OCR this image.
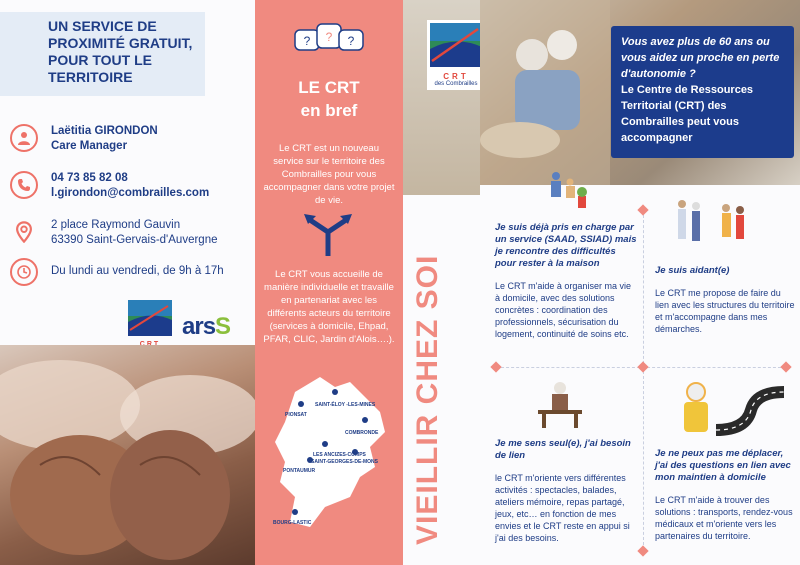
UN SERVICE DE PROXIMITÉ GRATUIT, POUR TOUT LE TERRITOIRE
Laëtitia GIRONDON
Care Manager
04 73 85 82 08
l.girondon@combrailles.com
2 place Raymond Gauvin
63390 Saint-Gervais-d'Auvergne
Du lundi au vendredi, de 9h à 17h
arsS
? ? ?
LE CRT
en bref
Le CRT est un nouveau service sur le territoire des Combrailles pour vous accompagner dans votre projet de vie.
Le CRT vous accueille de manière individuelle et travaille en partenariat avec les différents acteurs du territoire (services à domicile, Ehpad, PFAR, CLIC, Jardin d'Alois….).
SAINT-ÉLOY -LES-MINES
PIONSAT
COMBRONDE
LES ANCIZES-COMPS
SAINT-GEORGES-DE-MONS
PONTAUMUR
BOURG-LASTIC	VIEILLIR CHEZ SOI
CRT
des Combrailles
Vous avez plus de 60 ans ou vous aidez un proche en perte d'autonomie ?
Le Centre de Ressources Territorial (CRT) des Combrailles peut vous accompagner
Je suis déjà pris en charge par un service (SAAD, SSIAD) mais je rencontre des difficultés pour rester à la maison
Le CRT m'aide à organiser ma vie à domicile, avec des solutions concrètes : coordination des professionnels, sécurisation du logement, continuité de soins etc.
Je suis aidant(e)
Le CRT me propose de faire du lien avec les structures du territoire et m'accompagne dans mes démarches.
Je me sens seul(e), j'ai besoin de lien
le CRT m'oriente vers différentes activités : spectacles, balades, ateliers mémoire, repas partagé, jeux, etc… en fonction de mes envies et le CRT reste en appui si j'ai des besoins.
Je ne peux pas me déplacer, j'ai des questions en lien avec mon maintien à domicile
Le CRT m'aide à trouver des solutions : transports, rendez-vous médicaux et m'oriente vers les partenaires du territoire.
